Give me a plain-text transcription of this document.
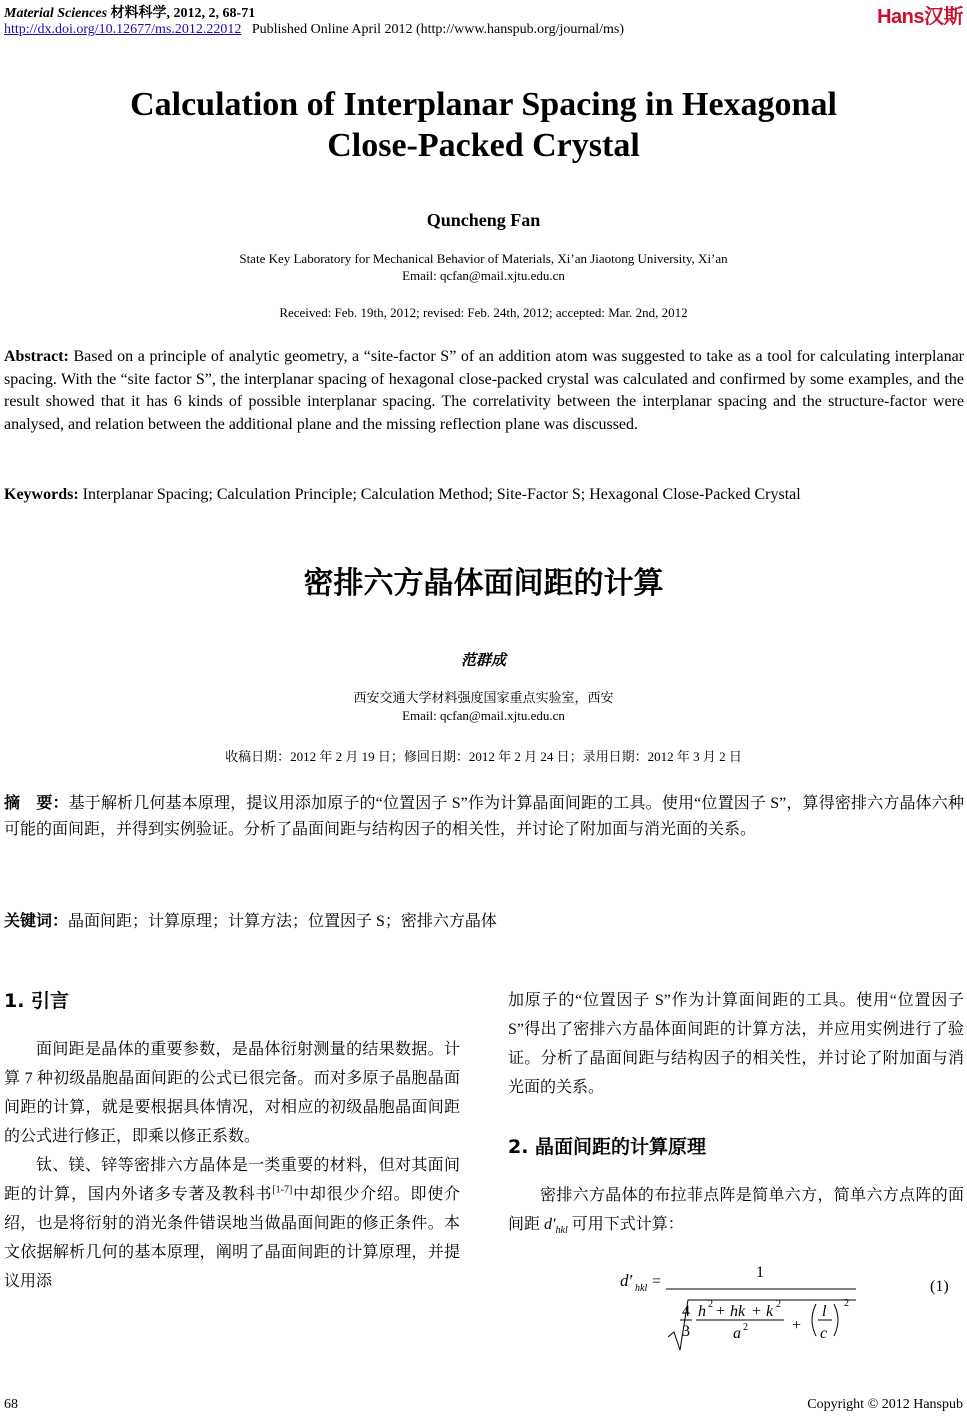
Material Sciences 材料科学, 2012, 2, 68-71
http://dx.doi.org/10.12677/ms.2012.22012 Published Online April 2012 (http://www.hanspub.org/journal/ms)
Hans汉斯
Calculation of Interplanar Spacing in Hexagonal
Close-Packed Crystal
Quncheng Fan
State Key Laboratory for Mechanical Behavior of Materials, Xi’an Jiaotong University, Xi’an
Email: qcfan@mail.xjtu.edu.cn
Received: Feb. 19th, 2012; revised: Feb. 24th, 2012; accepted: Mar. 2nd, 2012
Abstract: Based on a principle of analytic geometry, a “site-factor S” of an addition atom was suggested to take as a tool for calculating interplanar spacing. With the “site factor S”, the interplanar spacing of hexagonal close-packed crystal was calculated and confirmed by some examples, and the result showed that it has 6 kinds of possible interplanar spacing. The correlativity between the interplanar spacing and the structure-factor were analysed, and relation between the additional plane and the missing reflection plane was discussed.
Keywords: Interplanar Spacing; Calculation Principle; Calculation Method; Site-Factor S; Hexagonal Close-Packed Crystal
密排六方晶体面间距的计算
范群成
西安交通大学材料强度国家重点实验室，西安
Email: qcfan@mail.xjtu.edu.cn
收稿日期：2012 年 2 月 19 日；修回日期：2012 年 2 月 24 日；录用日期：2012 年 3 月 2 日
摘　要：基于解析几何基本原理，提议用添加原子的“位置因子 S”作为计算晶面间距的工具。使用“位置因子 S”，算得密排六方晶体六种可能的面间距，并得到实例验证。分析了晶面间距与结构因子的相关性，并讨论了附加面与消光面的关系。
关键词：晶面间距；计算原理；计算方法；位置因子 S；密排六方晶体
1. 引言
面间距是晶体的重要参数，是晶体衍射测量的结果数据。计算 7 种初级晶胞晶面间距的公式已很完备。而对多原子晶胞晶面间距的计算，就是要根据具体情况，对相应的初级晶胞晶面间距的公式进行修正，即乘以修正系数。
钛、镁、锌等密排六方晶体是一类重要的材料，但对其面间距的计算，国内外诸多专著及教科书[1-7]中却很少介绍。即使介绍，也是将衍射的消光条件错误地当做晶面间距的修正条件。本文依据解析几何的基本原理，阐明了晶面间距的计算原理，并提议用添
加原子的“位置因子 S”作为计算面间距的工具。使用“位置因子 S”得出了密排六方晶体面间距的计算方法，并应用实例进行了验证。分析了晶面间距与结构因子的相关性，并讨论了附加面与消光面的关系。
2. 晶面间距的计算原理
密排六方晶体的布拉菲点阵是简单六方，简单六方点阵的面间距 $d'_{hkl}$ 可用下式计算：
d′ hkl =
1
4
3
h 2 + hk + k 2
a 2	+
l
c
2
(1)
68	Copyright © 2012 Hanspub
